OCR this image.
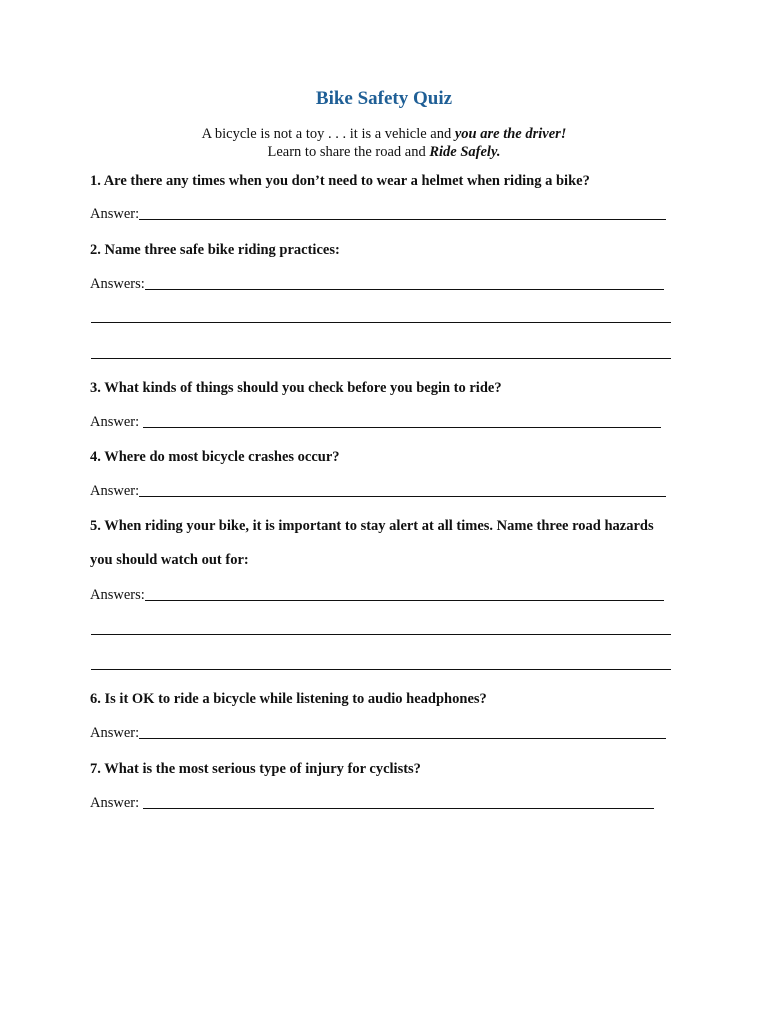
Bike Safety Quiz
A bicycle is not a toy . . . it is a vehicle and you are the driver!
Learn to share the road and Ride Safely.
1. Are there any times when you don’t need to wear a helmet when riding a bike?
Answer:
2. Name three safe bike riding practices:
Answers:
3. What kinds of things should you check before you begin to ride?
Answer:
4. Where do most bicycle crashes occur?
Answer:
5. When riding your bike, it is important to stay alert at all times. Name three road hazards
you should watch out for:
Answers:
6. Is it OK to ride a bicycle while listening to audio headphones?
Answer:
7. What is the most serious type of injury for cyclists?
Answer:
